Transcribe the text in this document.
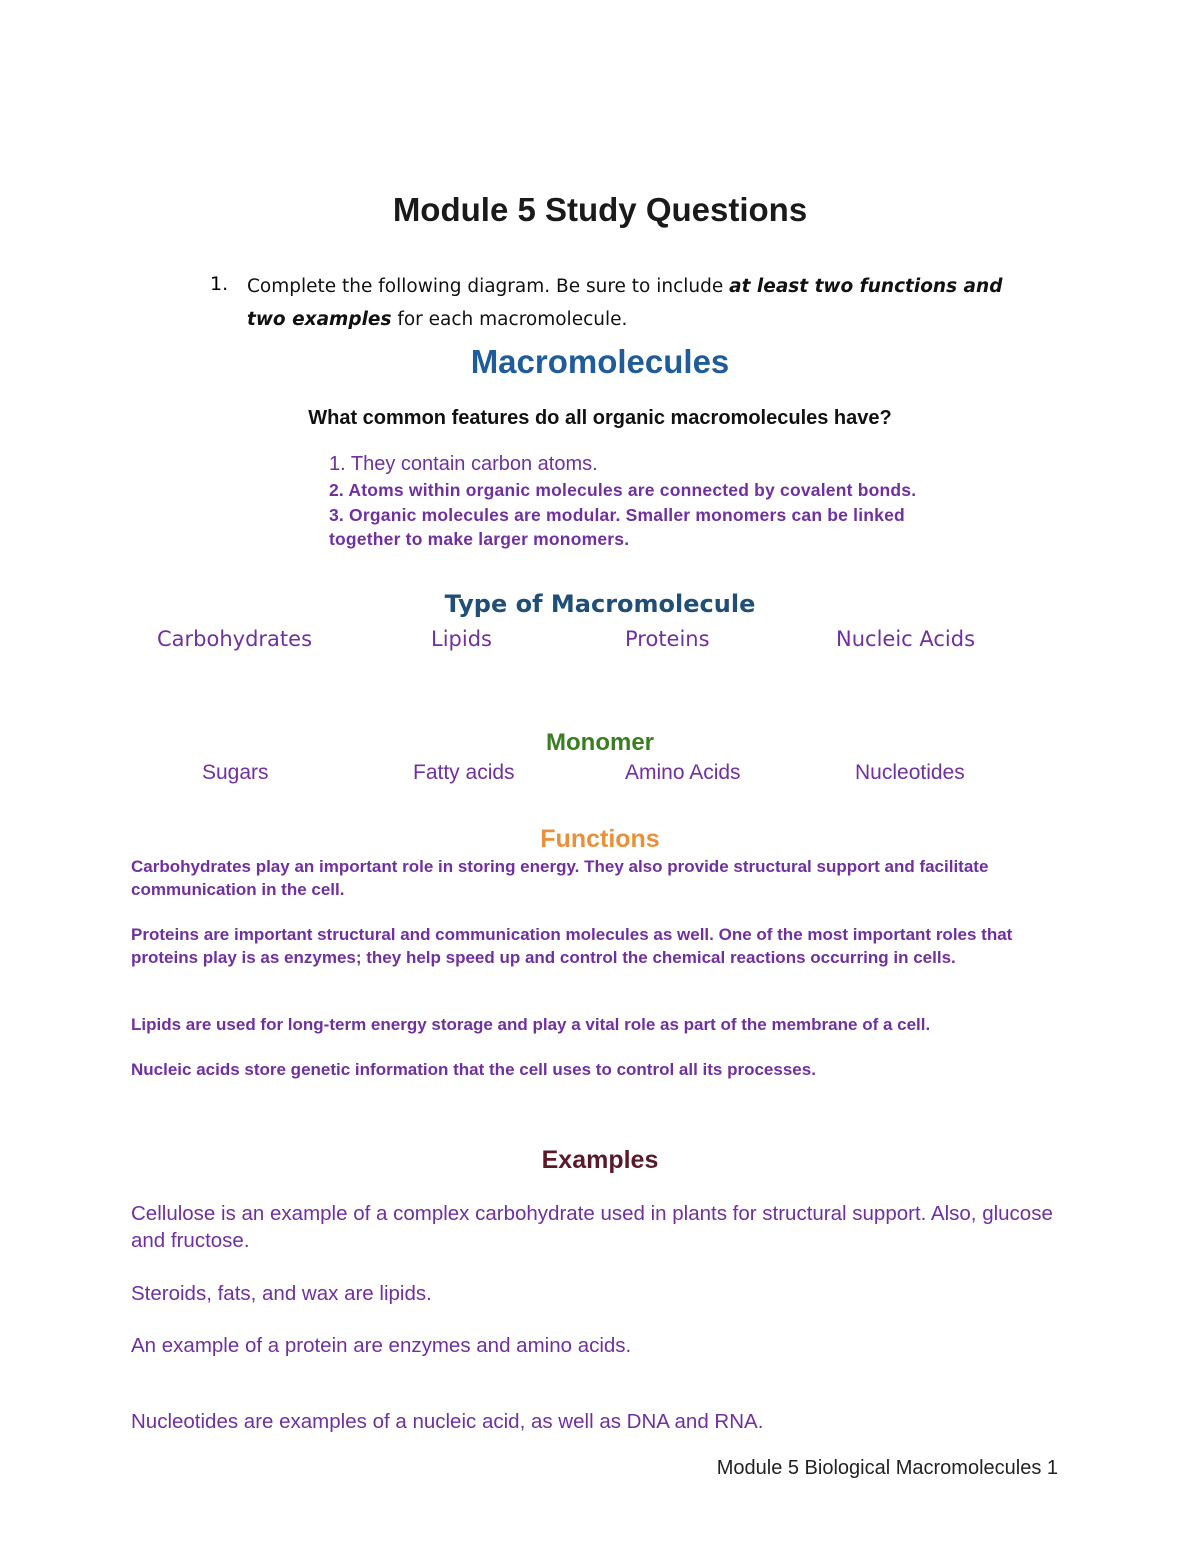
Module 5 Study Questions
1. Complete the following diagram. Be sure to include at least two functions and
two examples for each macromolecule.

Macromolecules
What common features do all organic macromolecules have?

1. They contain carbon atoms.

2. Atoms within organic molecules are connected by covalent bonds.

3. Organic molecules are modular. Smaller monomers can be linked together to make larger monomers.

Type of Macromolecule
Carbohydrates	Lipids	Proteins	Nucleic Acids
Monomer
Sugars	Fatty acids	Amino Acids	Nucleotides
Functions

Carbohydrates play an important role in storing energy. They also provide structural support and facilitate communication in the cell.

Proteins are important structural and communication molecules as well. One of the most important roles that proteins play is as enzymes; they help speed up and control the chemical reactions occurring in cells.

Lipids are used for long-term energy storage and play a vital role as part of the membrane of a cell.

Nucleic acids store genetic information that the cell uses to control all its processes.

Examples

Cellulose is an example of a complex carbohydrate used in plants for structural support. Also, glucose and fructose.

Steroids, fats, and wax are lipids.

An example of a protein are enzymes and amino acids.

Nucleotides are examples of a nucleic acid, as well as DNA and RNA.

Module 5 Biological Macromolecules 1
